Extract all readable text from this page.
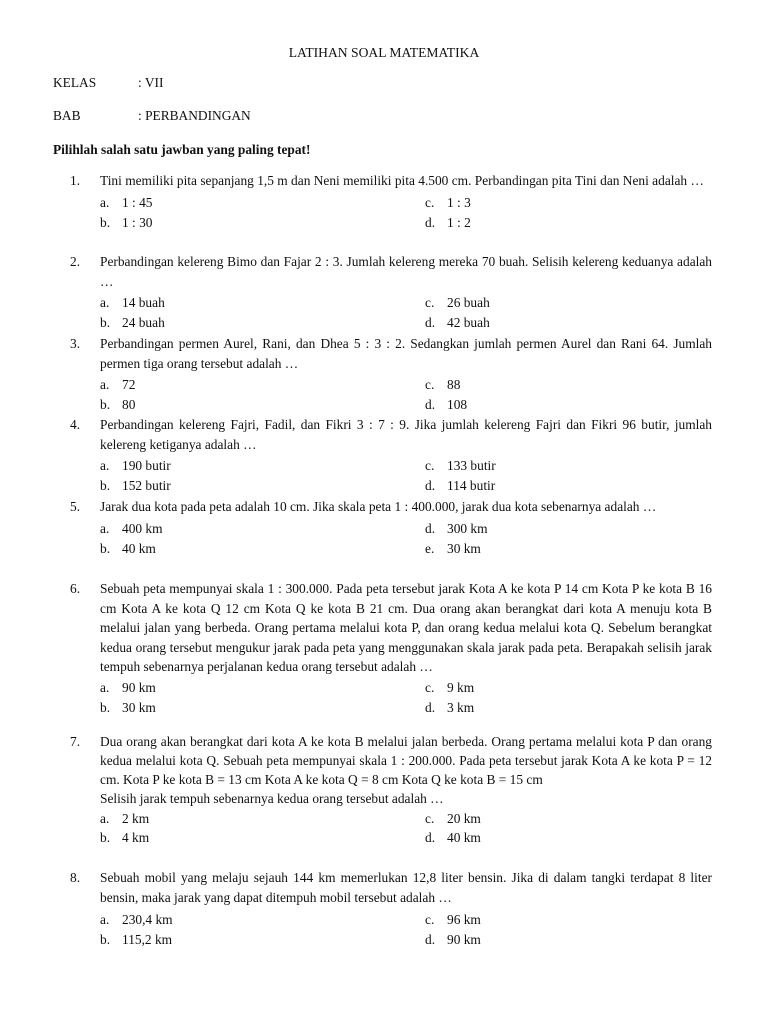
LATIHAN SOAL MATEMATIKA
KELAS	: VII
BAB	: PERBANDINGAN
Pilihlah salah satu jawban yang paling tepat!
1.	Tini memiliki pita sepanjang 1,5 m dan Neni memiliki pita 4.500 cm. Perbandingan pita Tini dan Neni adalah …
a. 1 : 45
b. 1 : 30
c. 1 : 3
d. 1 : 2
2.	Perbandingan kelereng Bimo dan Fajar 2 : 3. Jumlah kelereng mereka 70 buah. Selisih kelereng keduanya adalah …
a. 14 buah
b. 24 buah
c. 26 buah
d. 42 buah
3.	Perbandingan permen Aurel, Rani, dan Dhea 5 : 3 : 2. Sedangkan jumlah permen Aurel dan Rani 64. Jumlah permen tiga orang tersebut adalah …
a. 72
b. 80
c. 88
d. 108
4.	Perbandingan kelereng Fajri, Fadil, dan Fikri 3 : 7 : 9. Jika jumlah kelereng Fajri dan Fikri 96 butir, jumlah kelereng ketiganya adalah …
a. 190 butir
b. 152 butir
c. 133 butir
d. 114 butir
5.	Jarak dua kota pada peta adalah 10 cm. Jika skala peta 1 : 400.000, jarak dua kota sebenarnya adalah …
a. 400 km
b. 40 km
d. 300 km
e. 30 km
6.	Sebuah peta mempunyai skala 1 : 300.000. Pada peta tersebut jarak Kota A ke kota P 14 cm Kota P ke kota B 16 cm Kota A ke kota Q 12 cm Kota Q ke kota B 21 cm. Dua orang akan berangkat dari kota A menuju kota B melalui jalan yang berbeda. Orang pertama melalui kota P, dan orang kedua melalui kota Q. Sebelum berangkat kedua orang tersebut mengukur jarak pada peta yang menggunakan skala jarak pada peta. Berapakah selisih jarak tempuh sebenarnya perjalanan kedua orang tersebut adalah …
a. 90 km
b. 30 km
c. 9 km
d. 3 km
7.	Dua orang akan berangkat dari kota A ke kota B melalui jalan berbeda. Orang pertama melalui kota P dan orang kedua melalui kota Q. Sebuah peta mempunyai skala 1 : 200.000. Pada peta tersebut jarak Kota A ke kota P = 12 cm. Kota P ke kota B = 13 cm Kota A ke kota Q = 8 cm Kota Q ke kota B = 15 cm
Selisih jarak tempuh sebenarnya kedua orang tersebut adalah …
a. 2 km
b. 4 km
c. 20 km
d. 40 km
8.	Sebuah mobil yang melaju sejauh 144 km memerlukan 12,8 liter bensin. Jika di dalam tangki terdapat 8 liter bensin, maka jarak yang dapat ditempuh mobil tersebut adalah …
a. 230,4 km
b. 115,2 km
c. 96 km
d. 90 km
